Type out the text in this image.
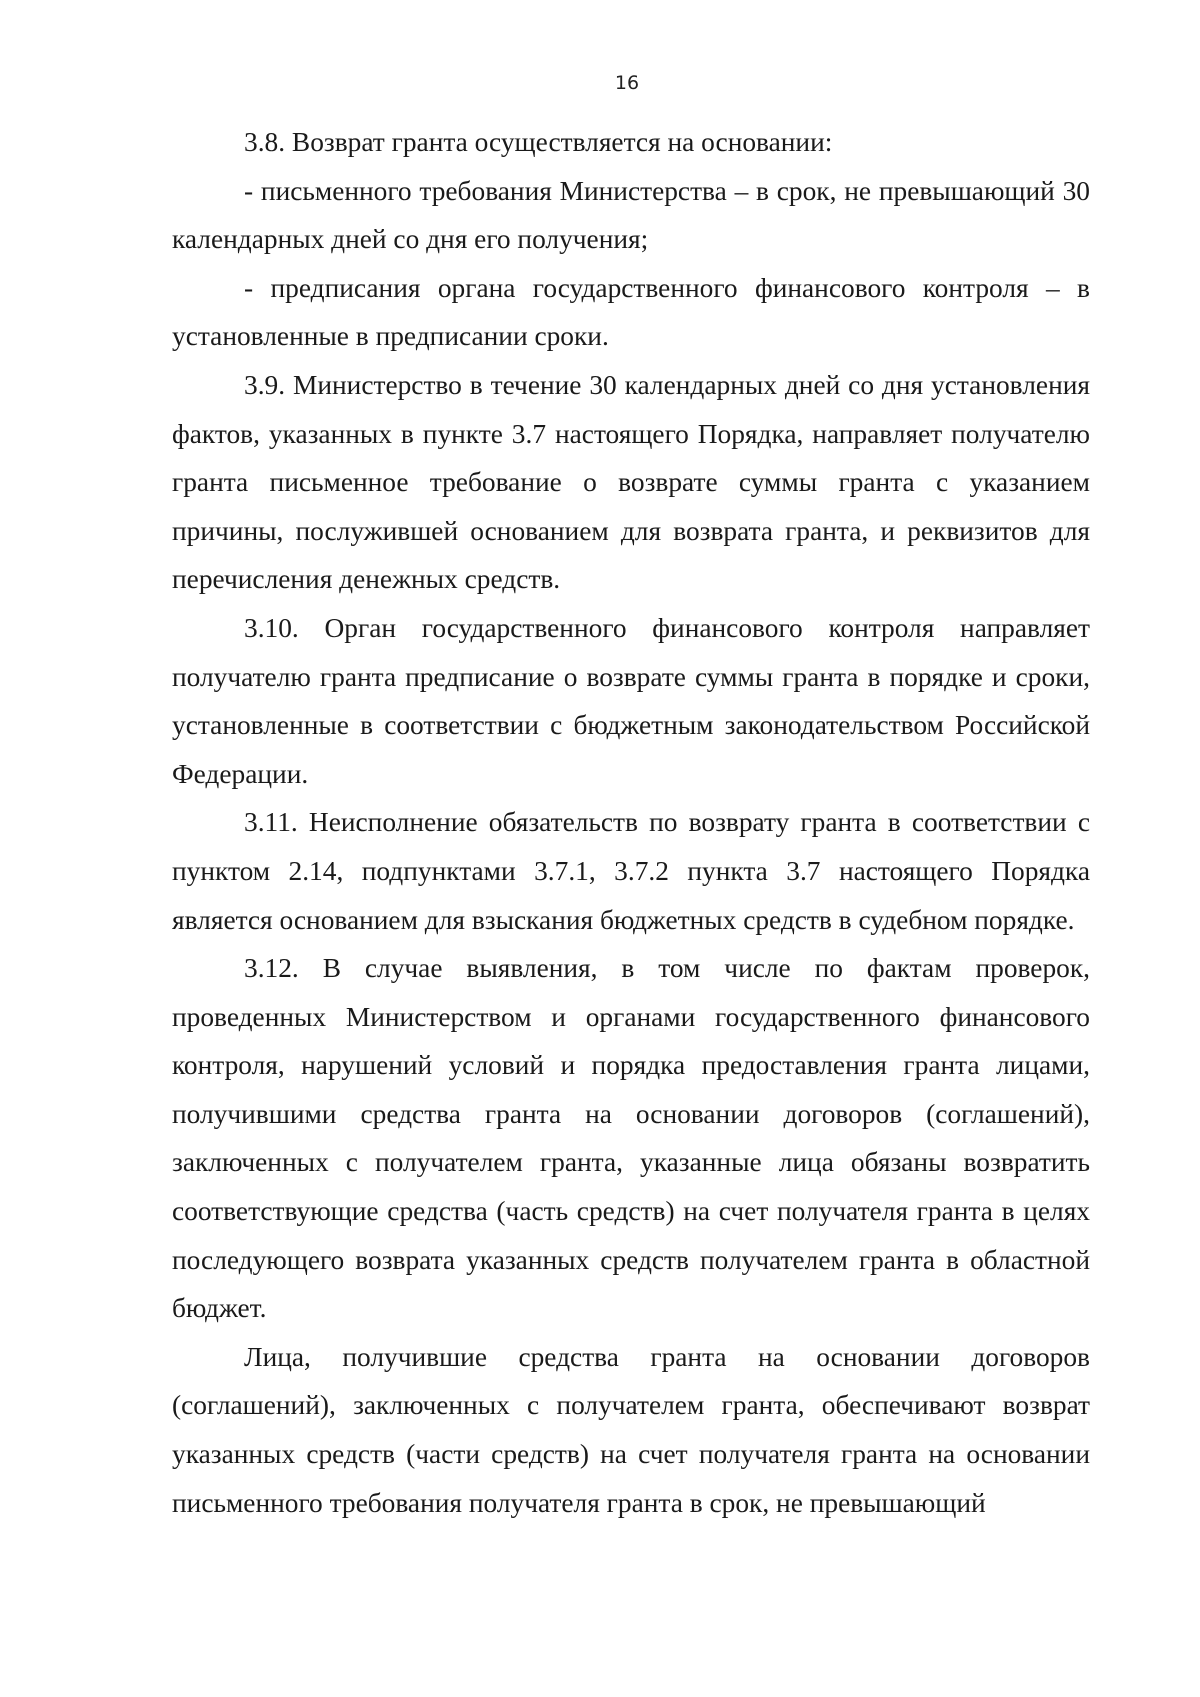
16

3.8. Возврат гранта осуществляется на основании:

- письменного требования Министерства – в срок, не превышающий 30 календарных дней со дня его получения;

- предписания органа государственного финансового контроля – в установленные в предписании сроки.

3.9. Министерство в течение 30 календарных дней со дня установления фактов, указанных в пункте 3.7 настоящего Порядка, направляет получателю гранта письменное требование о возврате суммы гранта с указанием причины, послужившей основанием для возврата гранта, и реквизитов для перечисления денежных средств.

3.10. Орган государственного финансового контроля направляет получателю гранта предписание о возврате суммы гранта в порядке и сроки, установленные в соответствии с бюджетным законодательством Российской Федерации.

3.11. Неисполнение обязательств по возврату гранта в соответствии с пунктом 2.14, подпунктами 3.7.1, 3.7.2 пункта 3.7 настоящего Порядка является основанием для взыскания бюджетных средств в судебном порядке.

3.12. В случае выявления, в том числе по фактам проверок, проведенных Министерством и органами государственного финансового контроля, нарушений условий и порядка предоставления гранта лицами, получившими средства гранта на основании договоров (соглашений), заключенных с получателем гранта, указанные лица обязаны возвратить соответствующие средства (часть средств) на счет получателя гранта в целях последующего возврата указанных средств получателем гранта в областной бюджет.

Лица, получившие средства гранта на основании договоров (соглашений), заключенных с получателем гранта, обеспечивают возврат указанных средств (части средств) на счет получателя гранта на основании письменного требования получателя гранта в срок, не превышающий
